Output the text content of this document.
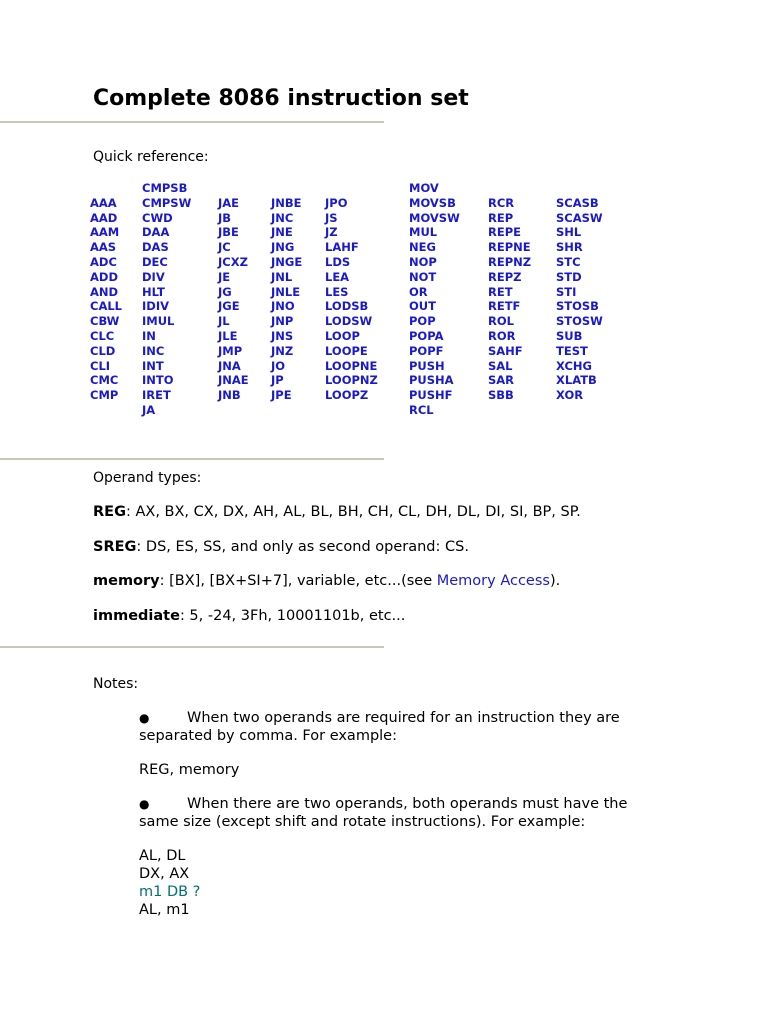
Complete 8086 instruction set
Quick reference:
AAA
AAD
AAM
AAS
ADC
ADD
AND
CALL
CBW
CLC
CLD
CLI
CMC
CMP
CMPSB
CMPSW
CWD
DAA
DAS
DEC
DIV
HLT
IDIV
IMUL
IN
INC
INT
INTO
IRET
JA
JAE
JB
JBE
JC
JCXZ
JE
JG
JGE
JL
JLE
JMP
JNA
JNAE
JNB
JNBE
JNC
JNE
JNG
JNGE
JNL
JNLE
JNO
JNP
JNS
JNZ
JO
JP
JPE
JPO
JS
JZ
LAHF
LDS
LEA
LES
LODSB
LODSW
LOOP
LOOPE
LOOPNE
LOOPNZ
LOOPZ
MOV
MOVSB
MOVSW
MUL
NEG
NOP
NOT
OR
OUT
POP
POPA
POPF
PUSH
PUSHA
PUSHF
RCL
RCR
REP
REPE
REPNE
REPNZ
REPZ
RET
RETF
ROL
ROR
SAHF
SAL
SAR
SBB
SCASB
SCASW
SHL
SHR
STC
STD
STI
STOSB
STOSW
SUB
TEST
XCHG
XLATB
XOR
Operand types:
REG: AX, BX, CX, DX, AH, AL, BL, BH, CH, CL, DH, DL, DI, SI, BP, SP.
SREG: DS, ES, SS, and only as second operand: CS.
memory: [BX], [BX+SI+7], variable, etc...(see Memory Access).
immediate: 5, -24, 3Fh, 10001101b, etc...
Notes:
●	When two operands are required for an instruction they are
separated by comma. For example:
REG, memory
●	When there are two operands, both operands must have the
same size (except shift and rotate instructions). For example:
AL, DL
DX, AX
m1 DB ?
AL, m1
